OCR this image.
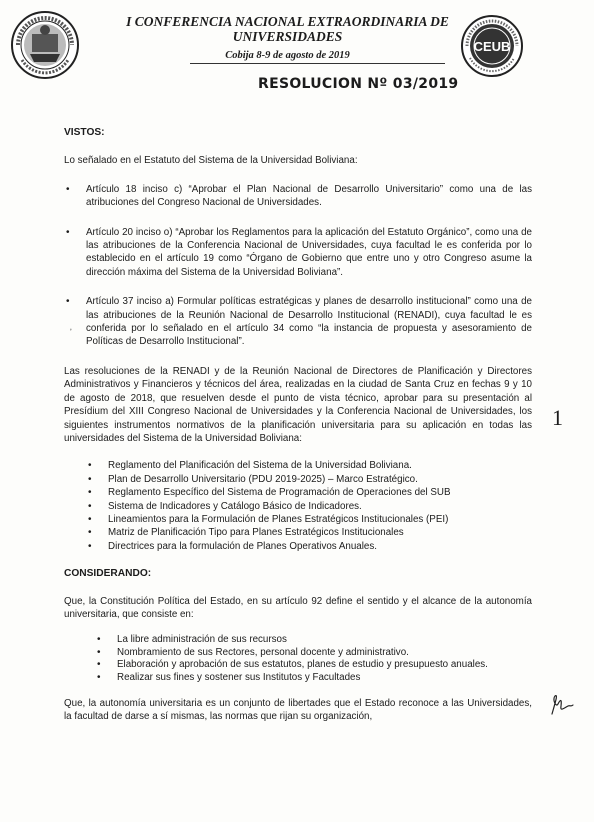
I CONFERENCIA NACIONAL EXTRAORDINARIA DE UNIVERSIDADES
Cobija 8-9 de agosto de 2019
CEUB
RESOLUCION Nº 03/2019
VISTOS:

Lo señalado en el Estatuto del Sistema de la Universidad Boliviana:

• Artículo 18 inciso c) “Aprobar el Plan Nacional de Desarrollo Universitario” como una de las atribuciones del Congreso Nacional de Universidades.
• Artículo 20 inciso o) “Aprobar los Reglamentos para la aplicación del Estatuto Orgánico”, como una de las atribuciones de la Conferencia Nacional de Universidades, cuya facultad le es conferida por lo establecido en el artículo 19 como “Órgano de Gobierno que entre uno y otro Congreso asume la dirección máxima del Sistema de la Universidad Boliviana”.
• Artículo 37 inciso a) Formular políticas estratégicas y planes de desarrollo institucional” como una de las atribuciones de la Reunión Nacional de Desarrollo Institucional (RENADI), cuya facultad le es conferida por lo señalado en el artículo 34 como “la instancia de propuesta y asesoramiento de Políticas de Desarrollo Institucional”.

Las resoluciones de la RENADI y de la Reunión Nacional de Directores de Planificación y Directores Administrativos y Financieros y técnicos del área, realizadas en la ciudad de Santa Cruz en fechas 9 y 10 de agosto de 2018, que resuelven desde el punto de vista técnico, aprobar para su presentación al Presídium del XIII Congreso Nacional de Universidades y la Conferencia Nacional de Universidades, los siguientes instrumentos normativos de la planificación universitaria para su aplicación en todas las universidades del Sistema de la Universidad Boliviana:

• Reglamento del Planificación del Sistema de la Universidad Boliviana.
• Plan de Desarrollo Universitario (PDU 2019-2025) – Marco Estratégico.
• Reglamento Específico del Sistema de Programación de Operaciones del SUB
• Sistema de Indicadores y Catálogo Básico de Indicadores.
• Lineamientos para la Formulación de Planes Estratégicos Institucionales (PEI)
• Matriz de Planificación Tipo para Planes Estratégicos Institucionales
• Directrices para la formulación de Planes Operativos Anuales.
CONSIDERANDO:

Que, la Constitución Política del Estado, en su artículo 92 define el sentido y el alcance de la autonomía universitaria, que consiste en:

• La libre administración de sus recursos
• Nombramiento de sus Rectores, personal docente y administrativo.
• Elaboración y aprobación de sus estatutos, planes de estudio y presupuesto anuales.
• Realizar sus fines y sostener sus Institutos y Facultades

Que, la autonomía universitaria es un conjunto de libertades que el Estado reconoce a las Universidades, la facultad de darse a sí mismas, las normas que rijan su organización,

1
ʼ
